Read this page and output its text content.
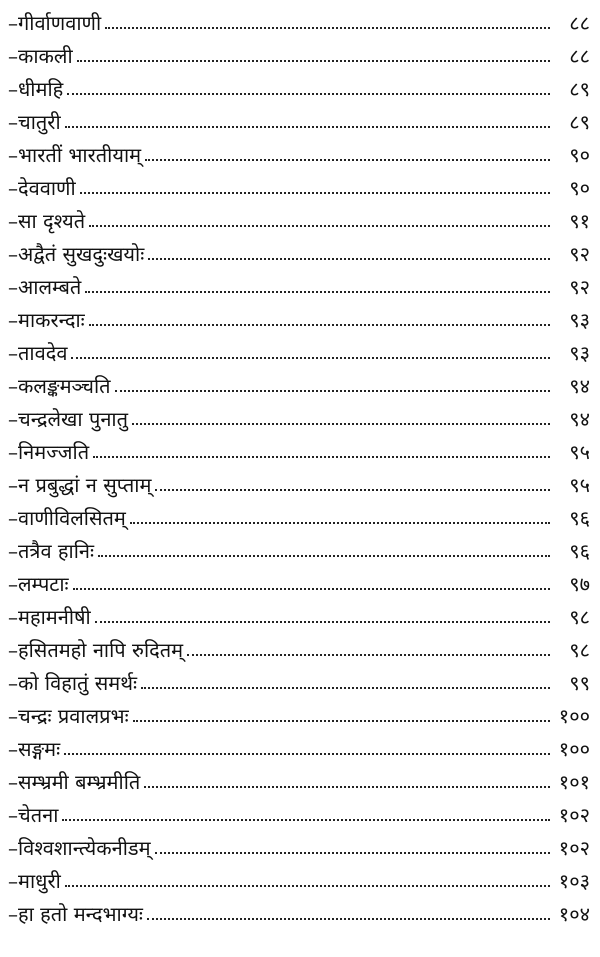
–गीर्वाणवाणी	८८
–काकली	८८
–धीमहि	८९
–चातुरी	८९
–भारतीं भारतीयाम्	९०
–देववाणी	९०
–सा दृश्यते	९१
–अद्वैतं सुखदुःखयोः	९२
–आलम्बते	९२
–माकरन्दाः	९३
–तावदेव	९३
–कलङ्कमञ्चति	९४
–चन्द्रलेखा पुनातु	९४
–निमज्जति	९५
–न प्रबुद्धां न सुप्ताम्	९५
–वाणीविलसितम्	९६
–तत्रैव हानिः	९६
–लम्पटाः	९७
–महामनीषी	९८
–हसितमहो नापि रुदितम्	९८
–को विहातुं समर्थः	९९
–चन्द्रः प्रवालप्रभः	१००
–सङ्गमः	१००
–सम्भ्रमी बम्भ्रमीति	१०१
–चेतना	१०२
–विश्वशान्त्येकनीडम्	१०२
–माधुरी	१०३
–हा हतो मन्दभाग्यः	१०४
